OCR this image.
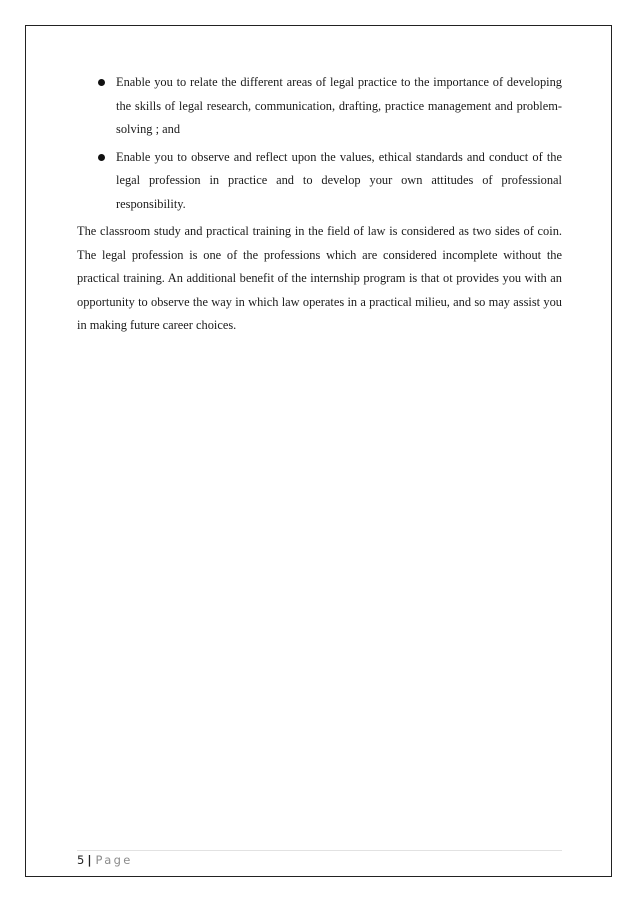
Enable you to relate the different areas of legal practice to the importance of developing the skills of legal research, communication, drafting, practice management and problem-solving ; and
Enable you to observe and reflect upon the values, ethical standards and conduct of the legal profession in practice and to develop your own attitudes of professional responsibility.

The classroom study and practical training in the field of law is considered as two sides of coin. The legal profession is one of the professions which are considered incomplete without the practical training. An additional benefit of the internship program is that ot provides you with an opportunity to observe the way in which law operates in a practical milieu, and so may assist you in making future career choices.

5 | Page
